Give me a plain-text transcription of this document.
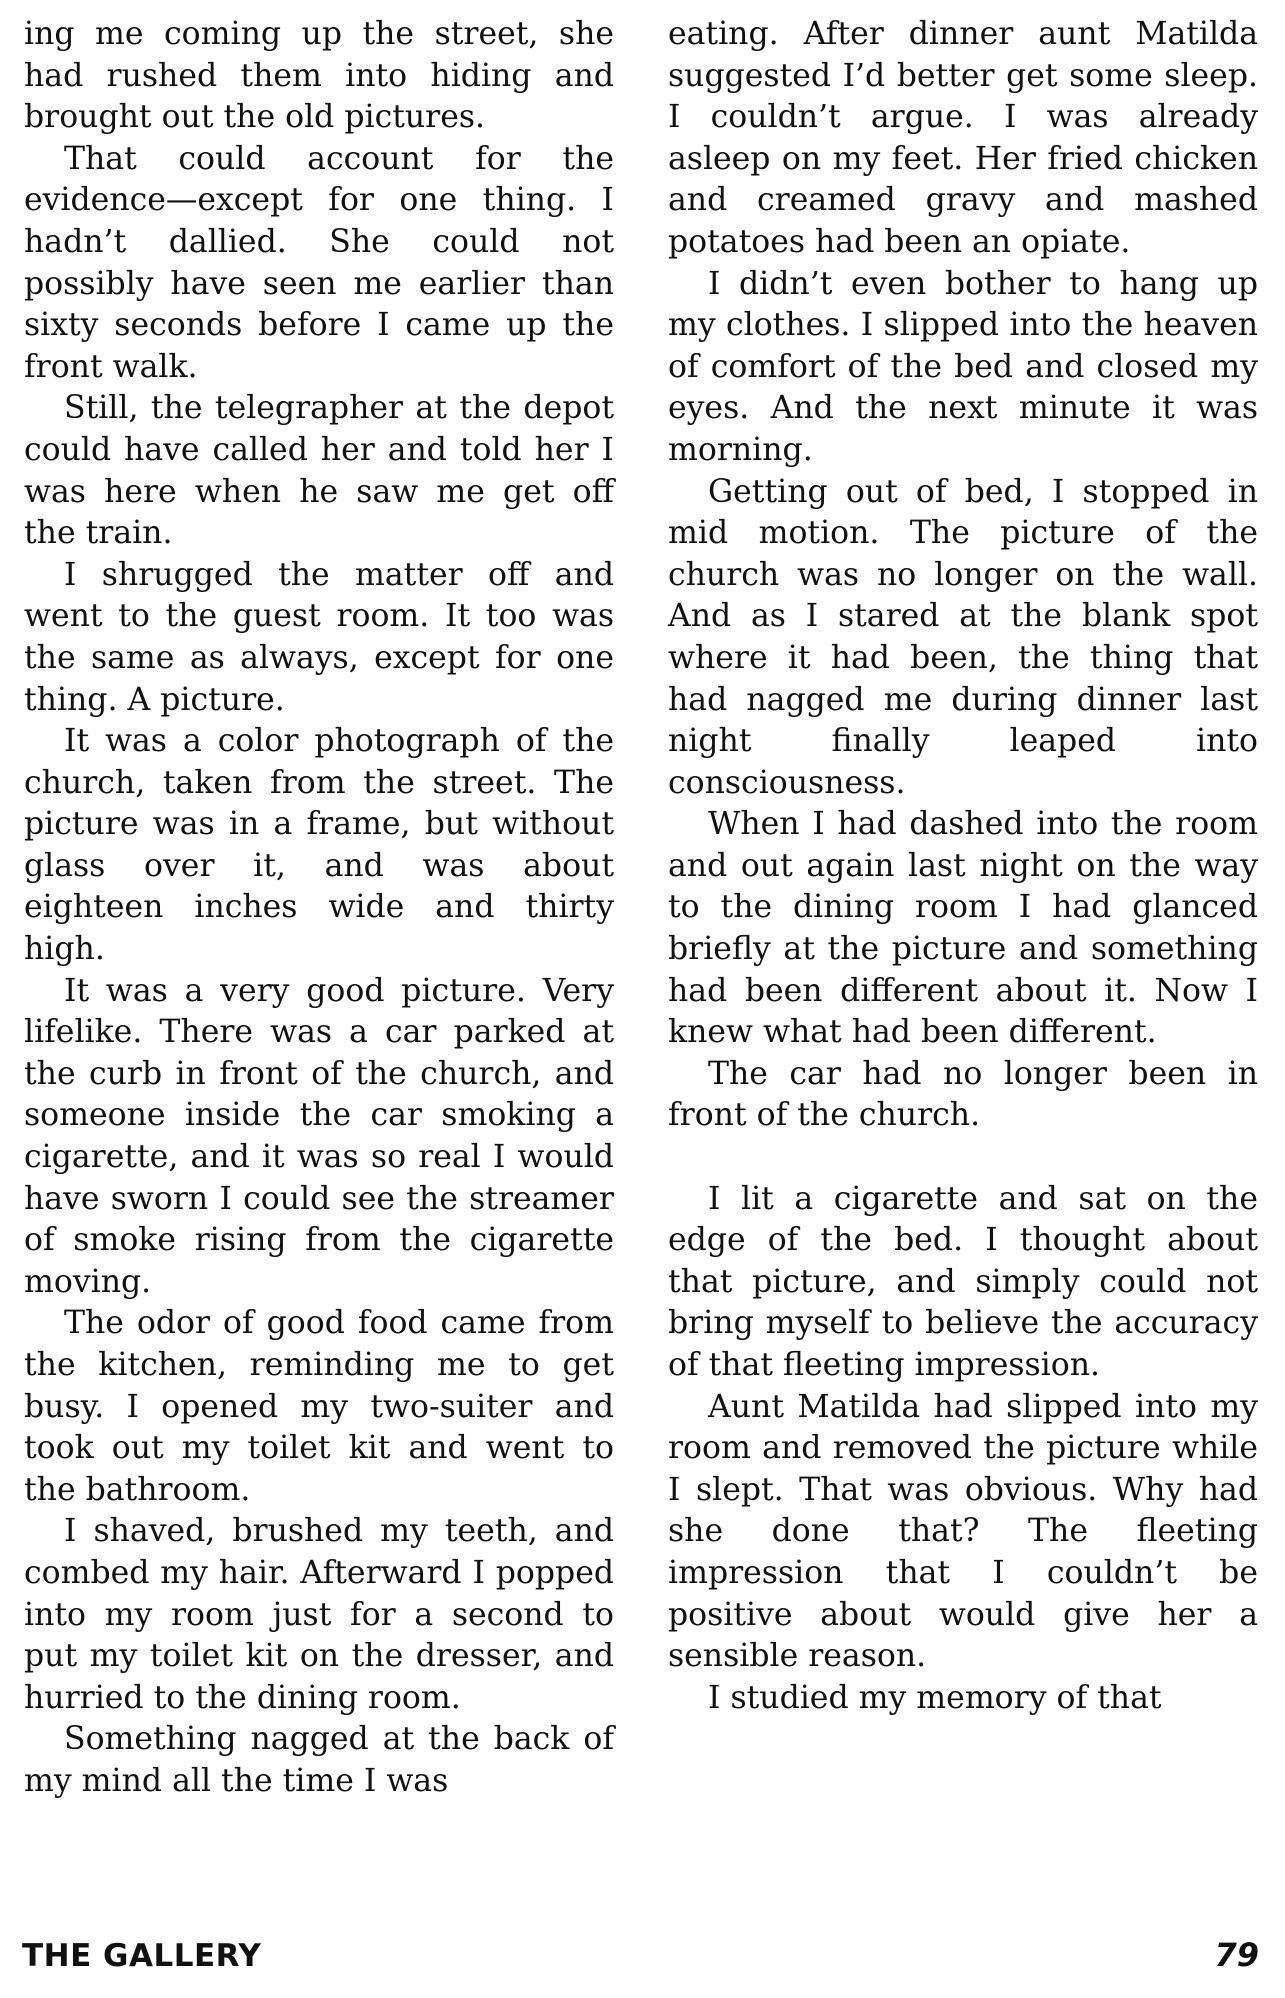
ing me coming up the street, she had rushed them into hiding and brought out the old pictures.

That could account for the evidence—except for one thing. I hadn’t dallied. She could not possibly have seen me earlier than sixty seconds before I came up the front walk.

Still, the telegrapher at the depot could have called her and told her I was here when he saw me get off the train.

I shrugged the matter off and went to the guest room. It too was the same as always, except for one thing. A picture.

It was a color photograph of the church, taken from the street. The picture was in a frame, but without glass over it, and was about eighteen inches wide and thirty high.

It was a very good picture. Very lifelike. There was a car parked at the curb in front of the church, and someone inside the car smoking a cigarette, and it was so real I would have sworn I could see the streamer of smoke rising from the cigarette moving.

The odor of good food came from the kitchen, reminding me to get busy. I opened my two-suiter and took out my toilet kit and went to the bathroom.

I shaved, brushed my teeth, and combed my hair. Afterward I popped into my room just for a second to put my toilet kit on the dresser, and hurried to the dining room.

Something nagged at the back of my mind all the time I was

eating. After dinner aunt Matilda suggested I’d better get some sleep. I couldn’t argue. I was already asleep on my feet. Her fried chicken and creamed gravy and mashed potatoes had been an opiate.

I didn’t even bother to hang up my clothes. I slipped into the heaven of comfort of the bed and closed my eyes. And the next minute it was morning.

Getting out of bed, I stopped in mid motion. The picture of the church was no longer on the wall. And as I stared at the blank spot where it had been, the thing that had nagged me during dinner last night finally leaped into consciousness.

When I had dashed into the room and out again last night on the way to the dining room I had glanced briefly at the picture and something had been different about it. Now I knew what had been different.

The car had no longer been in front of the church.

I lit a cigarette and sat on the edge of the bed. I thought about that picture, and simply could not bring myself to believe the accuracy of that fleeting impression.

Aunt Matilda had slipped into my room and removed the picture while I slept. That was obvious. Why had she done that? The fleeting impression that I couldn’t be positive about would give her a sensible reason.

I studied my memory of that

THE GALLERY	79
